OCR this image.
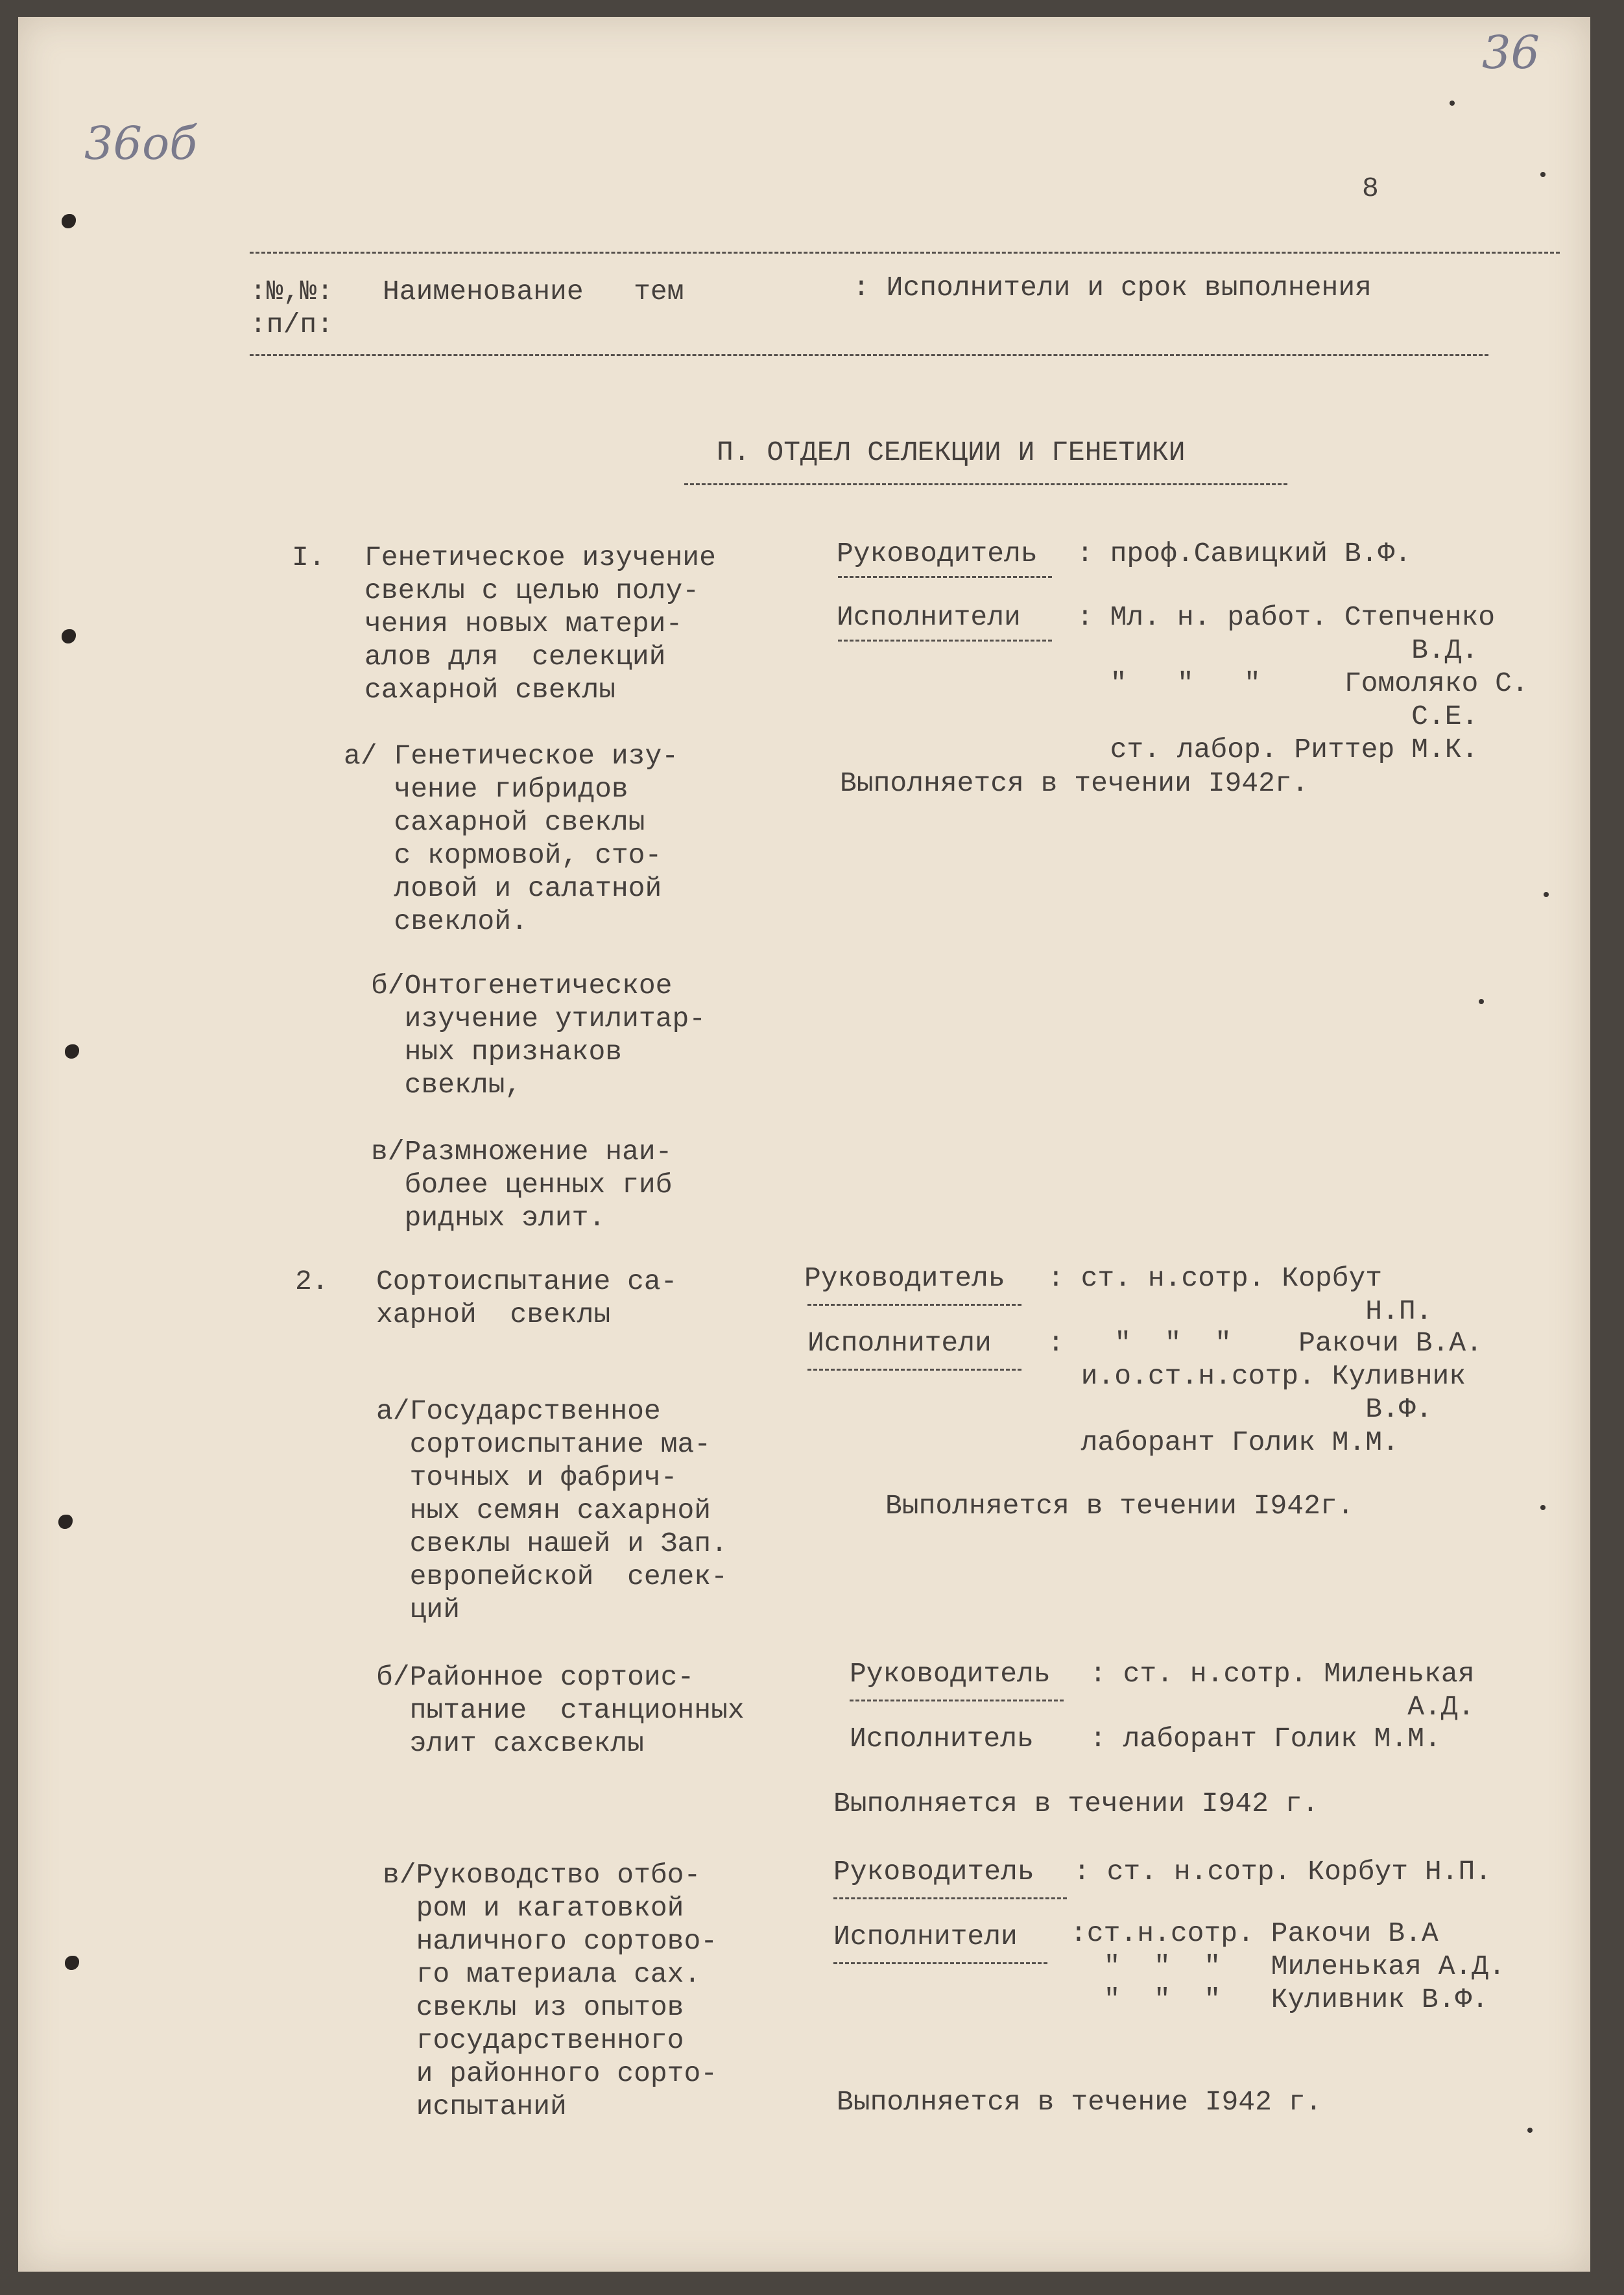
36
36об
8
:№,№:
:п/п:
Наименование   тем	: Исполнители и срок выполнения
П. ОТДЕЛ СЕЛЕКЦИИ И ГЕНЕТИКИ
І. Генетическое изучение
свеклы с целью полу-
чения новых матери-
алов для  селекций
сахарной свеклы
Руководитель : проф.Савицкий В.Ф.
Исполнители : Мл. н. работ. Степченко
В.Д.
"   "   "     Гомоляко С.
С.Е.
ст. лабор. Риттер М.К.
а/ Генетическое изу-
чение гибридов
сахарной свеклы
с кормовой, сто-
ловой и салатной
свеклой.
Выполняется в течении І942г.
б/Онтогенетическое
изучение утилитар-
ных признаков
свеклы,
в/Размножение наи-
более ценных гиб
ридных элит.
2. Сортоиспытание са-
харной  свеклы
Руководитель : ст. н.сотр. Корбут
Н.П.
Исполнители :   "  "  "    Ракочи В.А.
и.о.ст.н.сотр. Куливник
В.Ф.
лаборант Голик М.М.
а/Государственное
сортоиспытание ма-
точных и фабрич-
ных семян сахарной
свеклы нашей и Зап.
европейской  селек-
ций
Выполняется в течении І942г.
б/Районное сортоис-
пытание  станционных
элит сахсвеклы
Руководитель : ст. н.сотр. Миленькая
А.Д.
Исполнитель : лаборант Голик М.М.
Выполняется в течении І942 г.
в/Руководство отбо-
ром и кагатовкой
наличного сортово-
го материала сах.
свеклы из опытов
государственного
и районного сорто-
испытаний
Руководитель : ст. н.сотр. Корбут Н.П.
Исполнители :ст.н.сотр. Ракочи В.А
"  "  "   Миленькая А.Д.
"  "  "   Куливник В.Ф.
Выполняется в течение І942 г.
